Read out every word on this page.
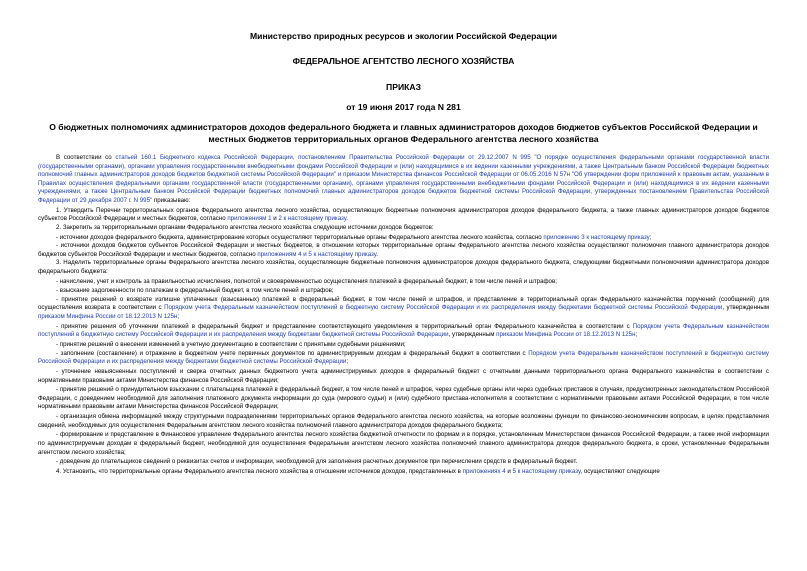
Министерство природных ресурсов и экологии Российской Федерации
ФЕДЕРАЛЬНОЕ АГЕНТСТВО ЛЕСНОГО ХОЗЯЙСТВА
ПРИКАЗ
от 19 июня 2017 года N 281
О бюджетных полномочиях администраторов доходов федерального бюджета и главных администраторов доходов бюджетов субъектов Российской Федерации и местных бюджетов территориальных органов Федерального агентства лесного хозяйства

В соответствии со статьей 160.1 Бюджетного кодекса Российской Федерации, постановлением Правительства Российской Федерации от 29.12.2007 N 995 "О порядке осуществления федеральными органами государственной власти (государственными органами), органами управления государственными внебюджетными фондами Российской Федерации и (или) находящимися в их ведении казенными учреждениями, а также Центральным банком Российской Федерации бюджетных полномочий главных администраторов доходов бюджетов бюджетной системы Российской Федерации" и приказом Министерства финансов Российской Федерации от 06.05.2016 N 57н "Об утверждении форм приложений к правовым актам, указанным в Правилах осуществления федеральными органами государственной власти (государственными органами), органами управления государственными внебюджетными фондами Российской Федерации и (или) находящимися в их ведении казенными учреждениями, а также Центральным банком Российской Федерации бюджетных полномочий главных администраторов доходов бюджетов бюджетной системы Российской Федерации, утвержденных постановлением Правительства Российской Федерации от 29 декабря 2007 г. N 995" приказываю:

1. Утвердить Перечни территориальных органов Федерального агентства лесного хозяйства, осуществляющих бюджетные полномочия администраторов доходов федерального бюджета, а также главных администраторов доходов бюджетов субъектов Российской Федерации и местных бюджетов, согласно приложениям 1 и 2 к настоящему приказу.

2. Закрепить за территориальными органами Федерального агентства лесного хозяйства следующие источники доходов бюджетов:

- источники доходов федерального бюджета, администрирование которых осуществляют территориальные органы Федерального агентства лесного хозяйства, согласно приложению 3 к настоящему приказу;

- источники доходов бюджетов субъектов Российской Федерации и местных бюджетов, в отношении которых территориальные органы Федерального агентства лесного хозяйства осуществляют полномочия главного администратора доходов бюджетов субъектов Российской Федерации и местных бюджетов, согласно приложениям 4 и 5 к настоящему приказу.

3. Наделить территориальные органы Федерального агентства лесного хозяйства, осуществляющие бюджетные полномочия администраторов доходов федерального бюджета, следующими бюджетными полномочиями администратора доходов федерального бюджета:

- начисление, учет и контроль за правильностью исчисления, полнотой и своевременностью осуществления платежей в федеральный бюджет, в том числе пеней и штрафов;

- взыскание задолженности по платежам в федеральный бюджет, в том числе пеней и штрафов;

- принятие решений о возврате излишне уплаченных (взысканных) платежей в федеральный бюджет, в том числе пеней и штрафов, и представление в территориальный орган Федерального казначейства поручений (сообщений) для осуществления возврата в соответствии с Порядком учета Федеральным казначейством поступлений в бюджетную систему Российской Федерации и их распределения между бюджетами бюджетной системы Российской Федерации, утвержденным приказом Минфина России от 18.12.2013 N 125н;

- принятие решения об уточнении платежей в федеральный бюджет и представление соответствующего уведомления в территориальный орган Федерального казначейства в соответствии с Порядком учета Федеральным казначейством поступлений в бюджетную систему Российской Федерации и их распределения между бюджетами бюджетной системы Российской Федерации, утвержденным приказом Минфина России от 18.12.2013 N 125н;

- принятие решений о внесении изменений в учетную документацию в соответствии с принятыми судебными решениями;

- заполнение (составление) и отражение в бюджетном учете первичных документов по администрируемым доходам в федеральный бюджет в соответствии с Порядком учета Федеральным казначейством поступлений в бюджетную систему Российской Федерации и их распределения между бюджетами бюджетной системы Российской Федерации;

- уточнение невыясненных поступлений и сверка отчетных данных бюджетного учета администрируемых доходов в федеральный бюджет с отчетными данными территориального органа Федерального казначейства в соответствии с нормативными правовыми актами Министерства финансов Российской Федерации;

- принятие решений о принудительном взыскании с плательщика платежей в федеральный бюджет, в том числе пеней и штрафов, через судебные органы или через судебных приставов в случаях, предусмотренных законодательством Российской Федерации, с доведением необходимой для заполнения платежного документа информации до суда (мирового судьи) и (или) судебного пристава-исполнителя в соответствии с нормативными правовыми актами Российской Федерации, в том числе нормативными правовыми актами Министерства финансов Российской Федерации;

- организация обмена информацией между структурными подразделениями территориальных органов Федерального агентства лесного хозяйства, на которые возложены функции по финансово-экономическим вопросам, в целях представления сведений, необходимых для осуществления Федеральным агентством лесного хозяйства полномочий главного администратора доходов федерального бюджета;

- формирование и представление в Финансовое управление Федерального агентства лесного хозяйства бюджетной отчетности по формам и в порядке, установленным Министерством финансов Российской Федерации, а также иной информации по администрируемым доходам в федеральный бюджет, необходимой для осуществления Федеральным агентством лесного хозяйства полномочий главного администратора доходов федерального бюджета, в сроки, установленные Федеральным агентством лесного хозяйства;

- доведение до плательщиков сведений о реквизитах счетов и информации, необходимой для заполнения расчетных документов при перечислении средств в федеральный бюджет.

4. Установить, что территориальные органы Федерального агентства лесного хозяйства в отношении источников доходов, представленных в приложениях 4 и 5 к настоящему приказу, осуществляют следующие
